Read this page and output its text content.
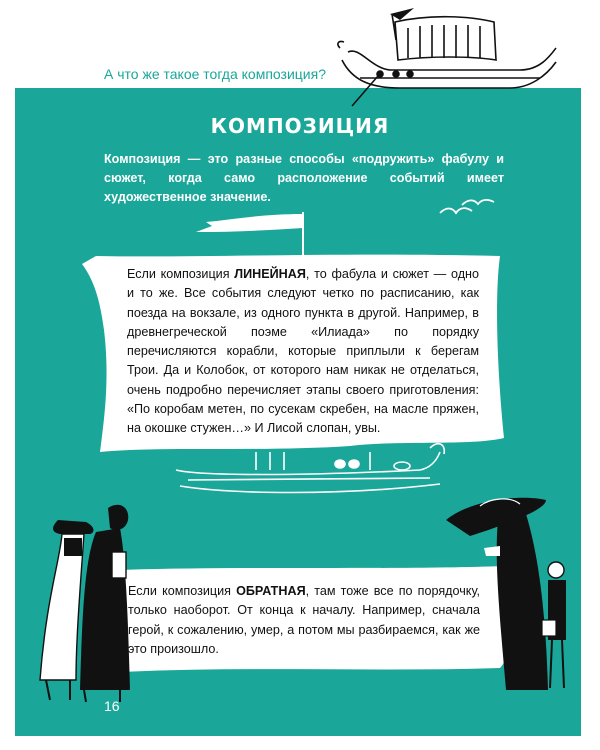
А что же такое тогда композиция?
КОМПОЗИЦИЯ
Композиция — это разные способы «подружить» фабулу и сюжет, когда само расположение событий имеет художественное значение.
Если композиция ЛИНЕЙНАЯ, то фабула и сюжет — одно и то же. Все события следуют четко по расписанию, как поезда на вокзале, из одного пункта в другой. Например, в древнегреческой поэме «Илиада» по порядку перечисляются корабли, которые приплыли к берегам Трои. Да и Колобок, от которого нам никак не отделаться, очень подробно перечисляет этапы своего приготовления: «По коробам метен, по сусекам скребен, на масле пряжен, на окошке стужен…» И Лисой слопан, увы.
Если композиция ОБРАТНАЯ, там тоже все по порядочку, только наоборот. От конца к началу. Например, сначала герой, к сожалению, умер, а потом мы разбираемся, как же это произошло.
16
